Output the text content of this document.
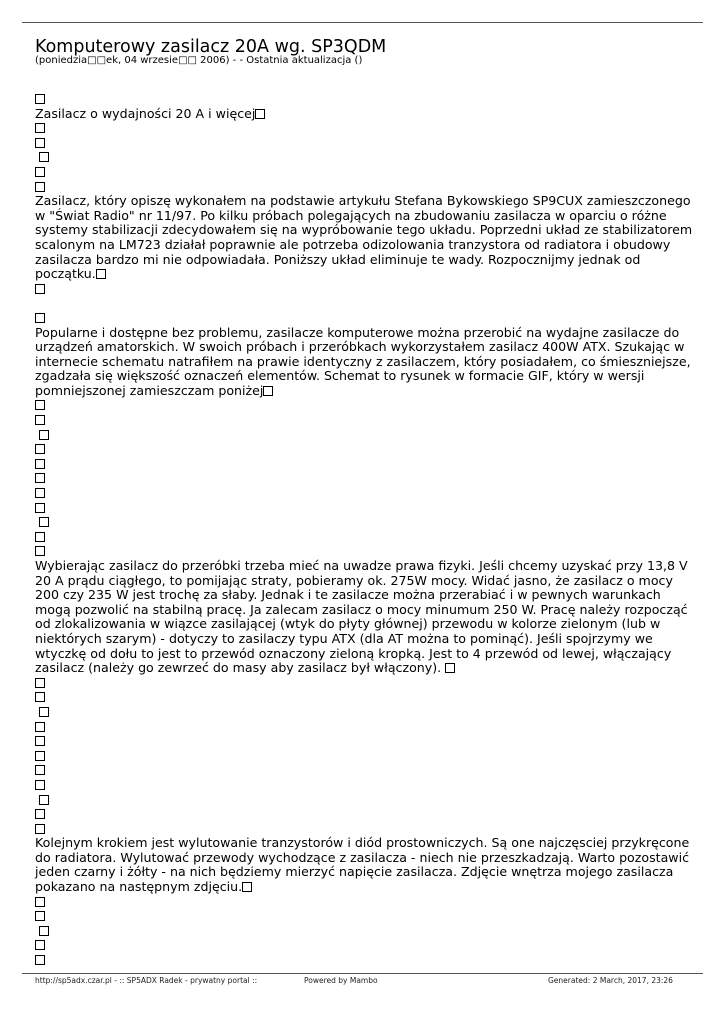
Komputerowy zasilacz 20A wg. SP3QDM
(poniedzia□□ek, 04 wrzesie□□ 2006) - - Ostatnia aktualizacja ()
Zasilacz o wydajności 20 A i więcej

Zasilacz, który opiszę wykonałem na podstawie artykułu Stefana Bykowskiego SP9CUX zamieszczonego w "Świat Radio" nr 11/97. Po kilku próbach polegających na zbudowaniu zasilacza w oparciu o różne systemy stabilizacji zdecydowałem się na wypróbowanie tego układu. Poprzedni układ ze stabilizatorem scalonym na LM723 działał poprawnie ale potrzeba odizolowania tranzystora od radiatora i obudowy zasilacza bardzo mi nie odpowiadała. Poniższy układ eliminuje te wady. Rozpocznijmy jednak od początku.

Popularne i dostępne bez problemu, zasilacze komputerowe można przerobić na wydajne zasilacze do urządzeń amatorskich. W swoich próbach i przeróbkach wykorzystałem zasilacz 400W ATX. Szukając w internecie schematu natrafiłem na prawie identyczny z zasilaczem, który posiadałem, co śmieszniejsze, zgadzała się większość oznaczeń elementów. Schemat to rysunek w formacie GIF, który w wersji pomniejszonej zamieszczam poniżej

Wybierając zasilacz do przeróbki trzeba mieć na uwadze prawa fizyki. Jeśli chcemy uzyskać przy 13,8 V 20 A prądu ciągłego, to pomijając straty, pobieramy ok. 275W mocy. Widać jasno, że zasilacz o mocy 200 czy 235 W jest trochę za słaby. Jednak i te zasilacze można przerabiać i w pewnych warunkach mogą pozwolić na stabilną pracę. Ja zalecam zasilacz o mocy minumum 250 W. Pracę należy rozpocząć od zlokalizowania w wiązce zasilającej (wtyk do płyty głównej) przewodu w kolorze zielonym (lub w niektórych szarym) - dotyczy to zasilaczy typu ATX (dla AT można to pominąć). Jeśli spojrzymy we wtyczkę od dołu to jest to przewód oznaczony zieloną kropką. Jest to 4 przewód od lewej, włączający zasilacz (należy go zewrzeć do masy aby zasilacz był włączony).

Kolejnym krokiem jest wylutowanie tranzystorów i diód prostowniczych. Są one najczęsciej przykręcone do radiatora. Wylutować przewody wychodzące z zasilacza - niech nie przeszkadzają. Warto pozostawić jeden czarny i żółty - na nich będziemy mierzyć napięcie zasilacza. Zdjęcie wnętrza mojego zasilacza pokazano na następnym zdjęciu.

http://sp5adx.czar.pl - :: SP5ADX Radek - prywatny portal ::	Powered by Mambo	Generated: 2 March, 2017, 23:26
